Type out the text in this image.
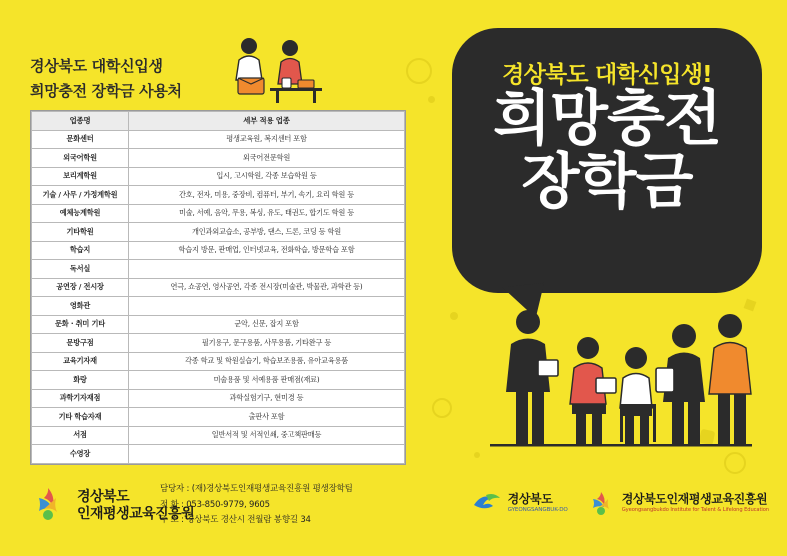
경상북도 대학신입생
희망충전 장학금 사용처
업종명	세부 적용 업종
문화센터	평생교육원, 복지센터 포함
외국어학원	외국어전문학원
보리계학원	입시, 고시학원, 각종 보습학원 등
기술 / 사무 / 가정계학원	간호, 전자, 미용, 중장비, 컴퓨터, 부기, 속기, 요리 학원 등
예체능계학원	미술, 서예, 음악, 무용, 복싱, 유도, 태권도, 합기도 학원 등
기타학원	개인과외교습소, 공부방, 댄스, 드론, 코딩 등 학원
학습지	학습지 방문, 판매업, 인터넷교육, 전화학습, 방문학습 포함
독서실	
공연장 / 전시장	연극, 쇼공연, 영사공연, 각종 전시장(미술관, 박물관, 과학관 등)
영화관	
문화 · 취미 기타	군악, 신문, 잡지 포함
문방구점	필기용구, 문구용품, 사무용품, 기타완구 등
교육기자재	각종 학교 및 학원실습기, 학습보조용품, 유아교육용품
화랑	미술용품 및 서예용품 판매점(재료)
과학기자재점	과학실험기구, 현미경 등
기타 학습자재	출판사 포함
서점	일반서적 및 서적인쇄, 중고책판매등
수영장	
경상북도 대학신입생!
희망충전
장학금
경상북도
인재평생교육진흥원
담당자 : (재)경상북도인재평생교육진흥원 평생장학팀
전 화 : 053-850-9779, 9605
주 소 : 경상북도 경산시 전월람 봉향길 34
경상북도
GYEONGSANGBUK-DO
경상북도인재평생교육진흥원
Gyeongsangbukdo Institute for Talent & Lifelong Education
